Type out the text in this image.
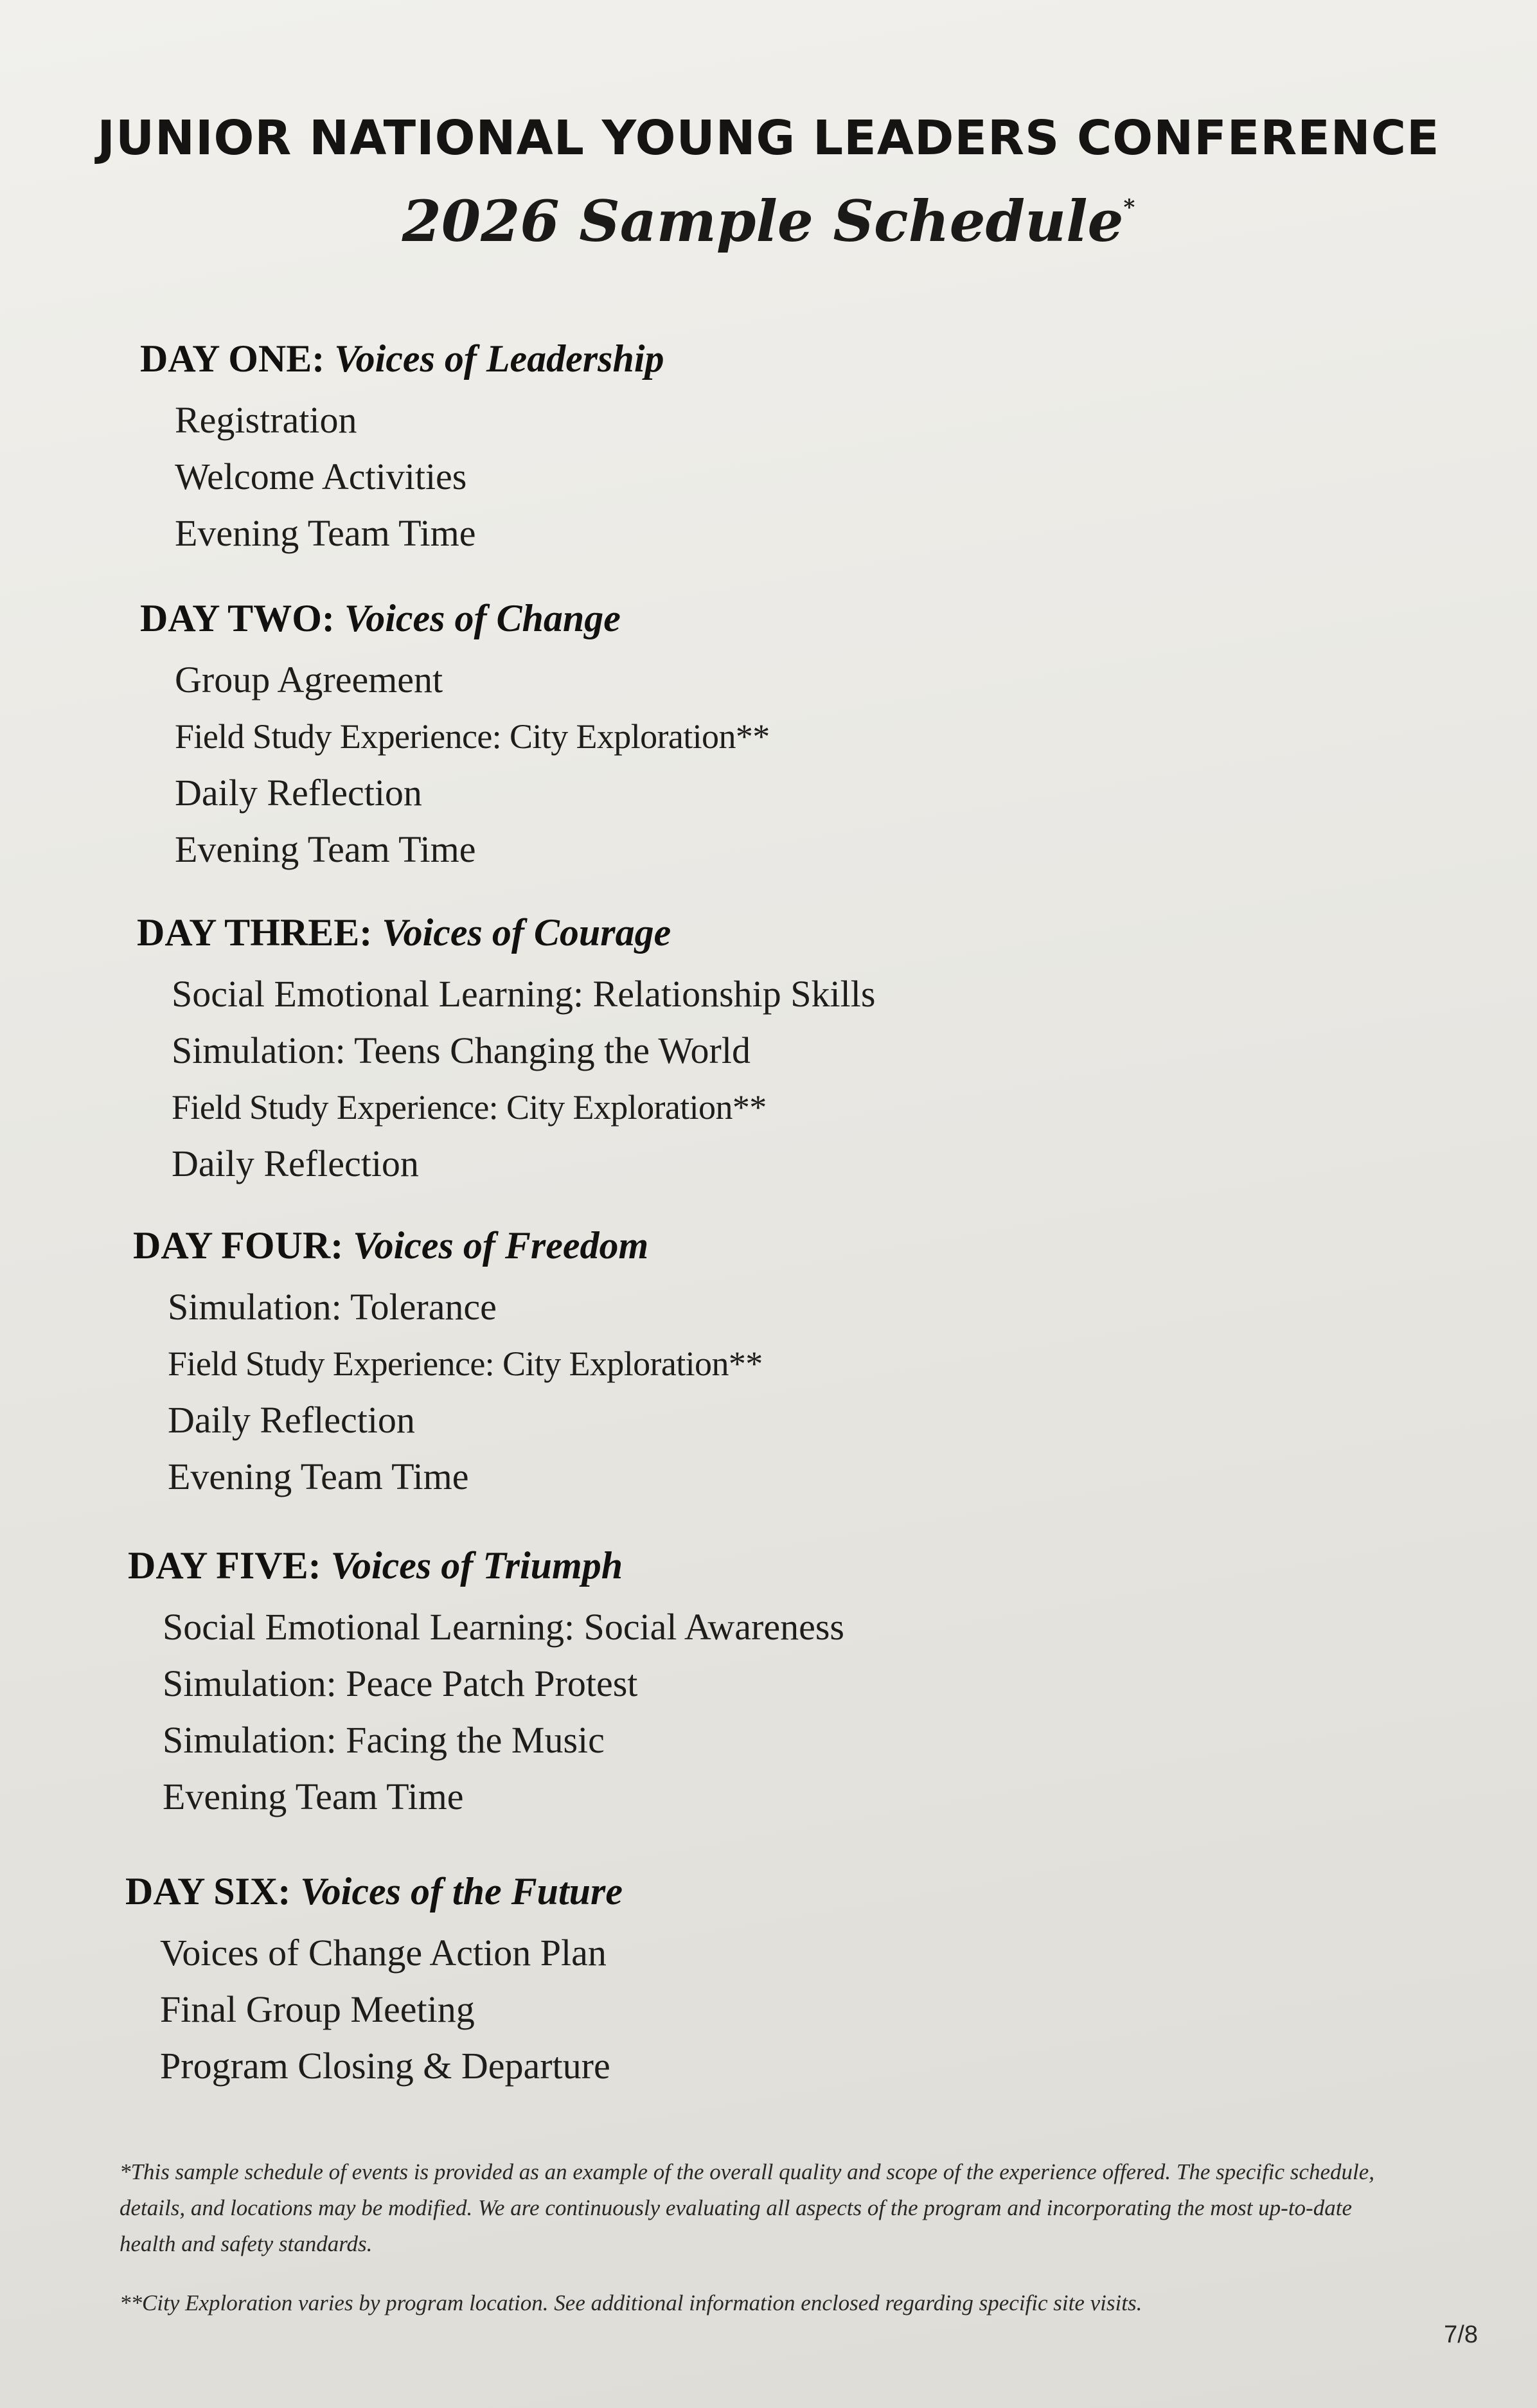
JUNIOR NATIONAL YOUNG LEADERS CONFERENCE
2026 Sample Schedule*
DAY ONE: Voices of Leadership
Registration
Welcome Activities
Evening Team Time
DAY TWO: Voices of Change
Group Agreement
Field Study Experience: City Exploration**
Daily Reflection
Evening Team Time
DAY THREE: Voices of Courage
Social Emotional Learning: Relationship Skills
Simulation: Teens Changing the World
Field Study Experience: City Exploration**
Daily Reflection
DAY FOUR: Voices of Freedom
Simulation: Tolerance
Field Study Experience: City Exploration**
Daily Reflection
Evening Team Time
DAY FIVE: Voices of Triumph
Social Emotional Learning: Social Awareness
Simulation: Peace Patch Protest
Simulation: Facing the Music
Evening Team Time
DAY SIX: Voices of the Future
Voices of Change Action Plan
Final Group Meeting
Program Closing & Departure

*This sample schedule of events is provided as an example of the overall quality and scope of the experience offered. The specific schedule, details, and locations may be modified. We are continuously evaluating all aspects of the program and incorporating the most up-to-date health and safety standards.

**City Exploration varies by program location. See additional information enclosed regarding specific site visits.

7/8
